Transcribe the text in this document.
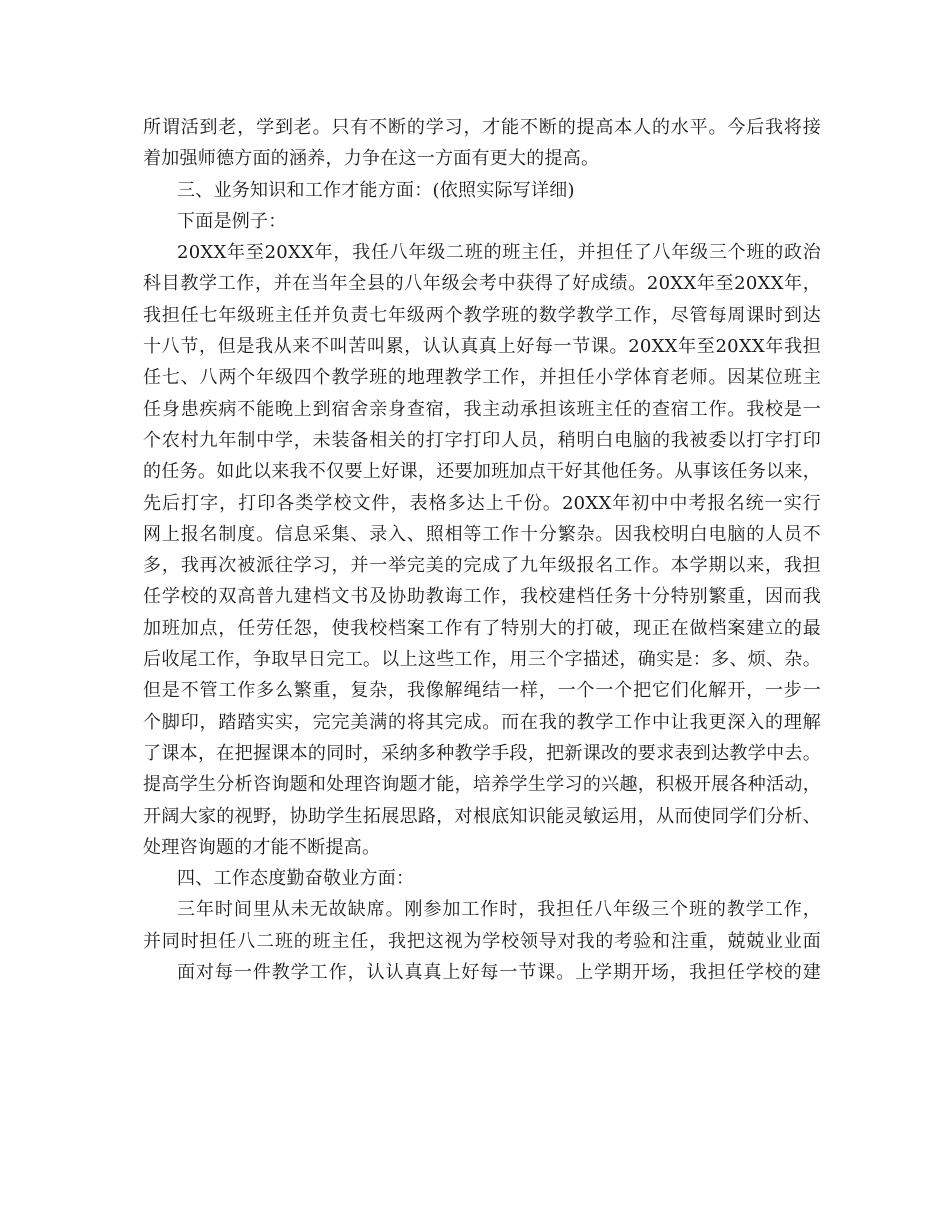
所谓活到老，学到老。只有不断的学习，才能不断的提高本人的水平。今后我将接
着加强师德方面的涵养，力争在这一方面有更大的提高。
三、业务知识和工作才能方面：(依照实际写详细)
下面是例子：
20XX年至20XX年，我任八年级二班的班主任，并担任了八年级三个班的政治
科目教学工作，并在当年全县的八年级会考中获得了好成绩。20XX年至20XX年，
我担任七年级班主任并负责七年级两个教学班的数学教学工作，尽管每周课时到达
十八节，但是我从来不叫苦叫累，认认真真上好每一节课。20XX年至20XX年我担
任七、八两个年级四个教学班的地理教学工作，并担任小学体育老师。因某位班主
任身患疾病不能晚上到宿舍亲身查宿，我主动承担该班主任的查宿工作。我校是一
个农村九年制中学，未装备相关的打字打印人员，稍明白电脑的我被委以打字打印
的任务。如此以来我不仅要上好课，还要加班加点干好其他任务。从事该任务以来，
先后打字，打印各类学校文件，表格多达上千份。20XX年初中中考报名统一实行
网上报名制度。信息采集、录入、照相等工作十分繁杂。因我校明白电脑的人员不
多，我再次被派往学习，并一举完美的完成了九年级报名工作。本学期以来，我担
任学校的双高普九建档文书及协助教诲工作，我校建档任务十分特别繁重，因而我
加班加点，任劳任怨，使我校档案工作有了特别大的打破，现正在做档案建立的最
后收尾工作，争取早日完工。以上这些工作，用三个字描述，确实是：多、烦、杂。
但是不管工作多么繁重，复杂，我像解绳结一样，一个一个把它们化解开，一步一
个脚印，踏踏实实，完完美满的将其完成。而在我的教学工作中让我更深入的理解
了课本，在把握课本的同时，采纳多种教学手段，把新课改的要求表到达教学中去。
提高学生分析咨询题和处理咨询题才能，培养学生学习的兴趣，积极开展各种活动，
开阔大家的视野，协助学生拓展思路，对根底知识能灵敏运用，从而使同学们分析、
处理咨询题的才能不断提高。
四、工作态度勤奋敬业方面：
三年时间里从未无故缺席。刚参加工作时，我担任八年级三个班的教学工作，
并同时担任八二班的班主任，我把这视为学校领导对我的考验和注重，兢兢业业面
面对每一件教学工作，认认真真上好每一节课。上学期开场，我担任学校的建
